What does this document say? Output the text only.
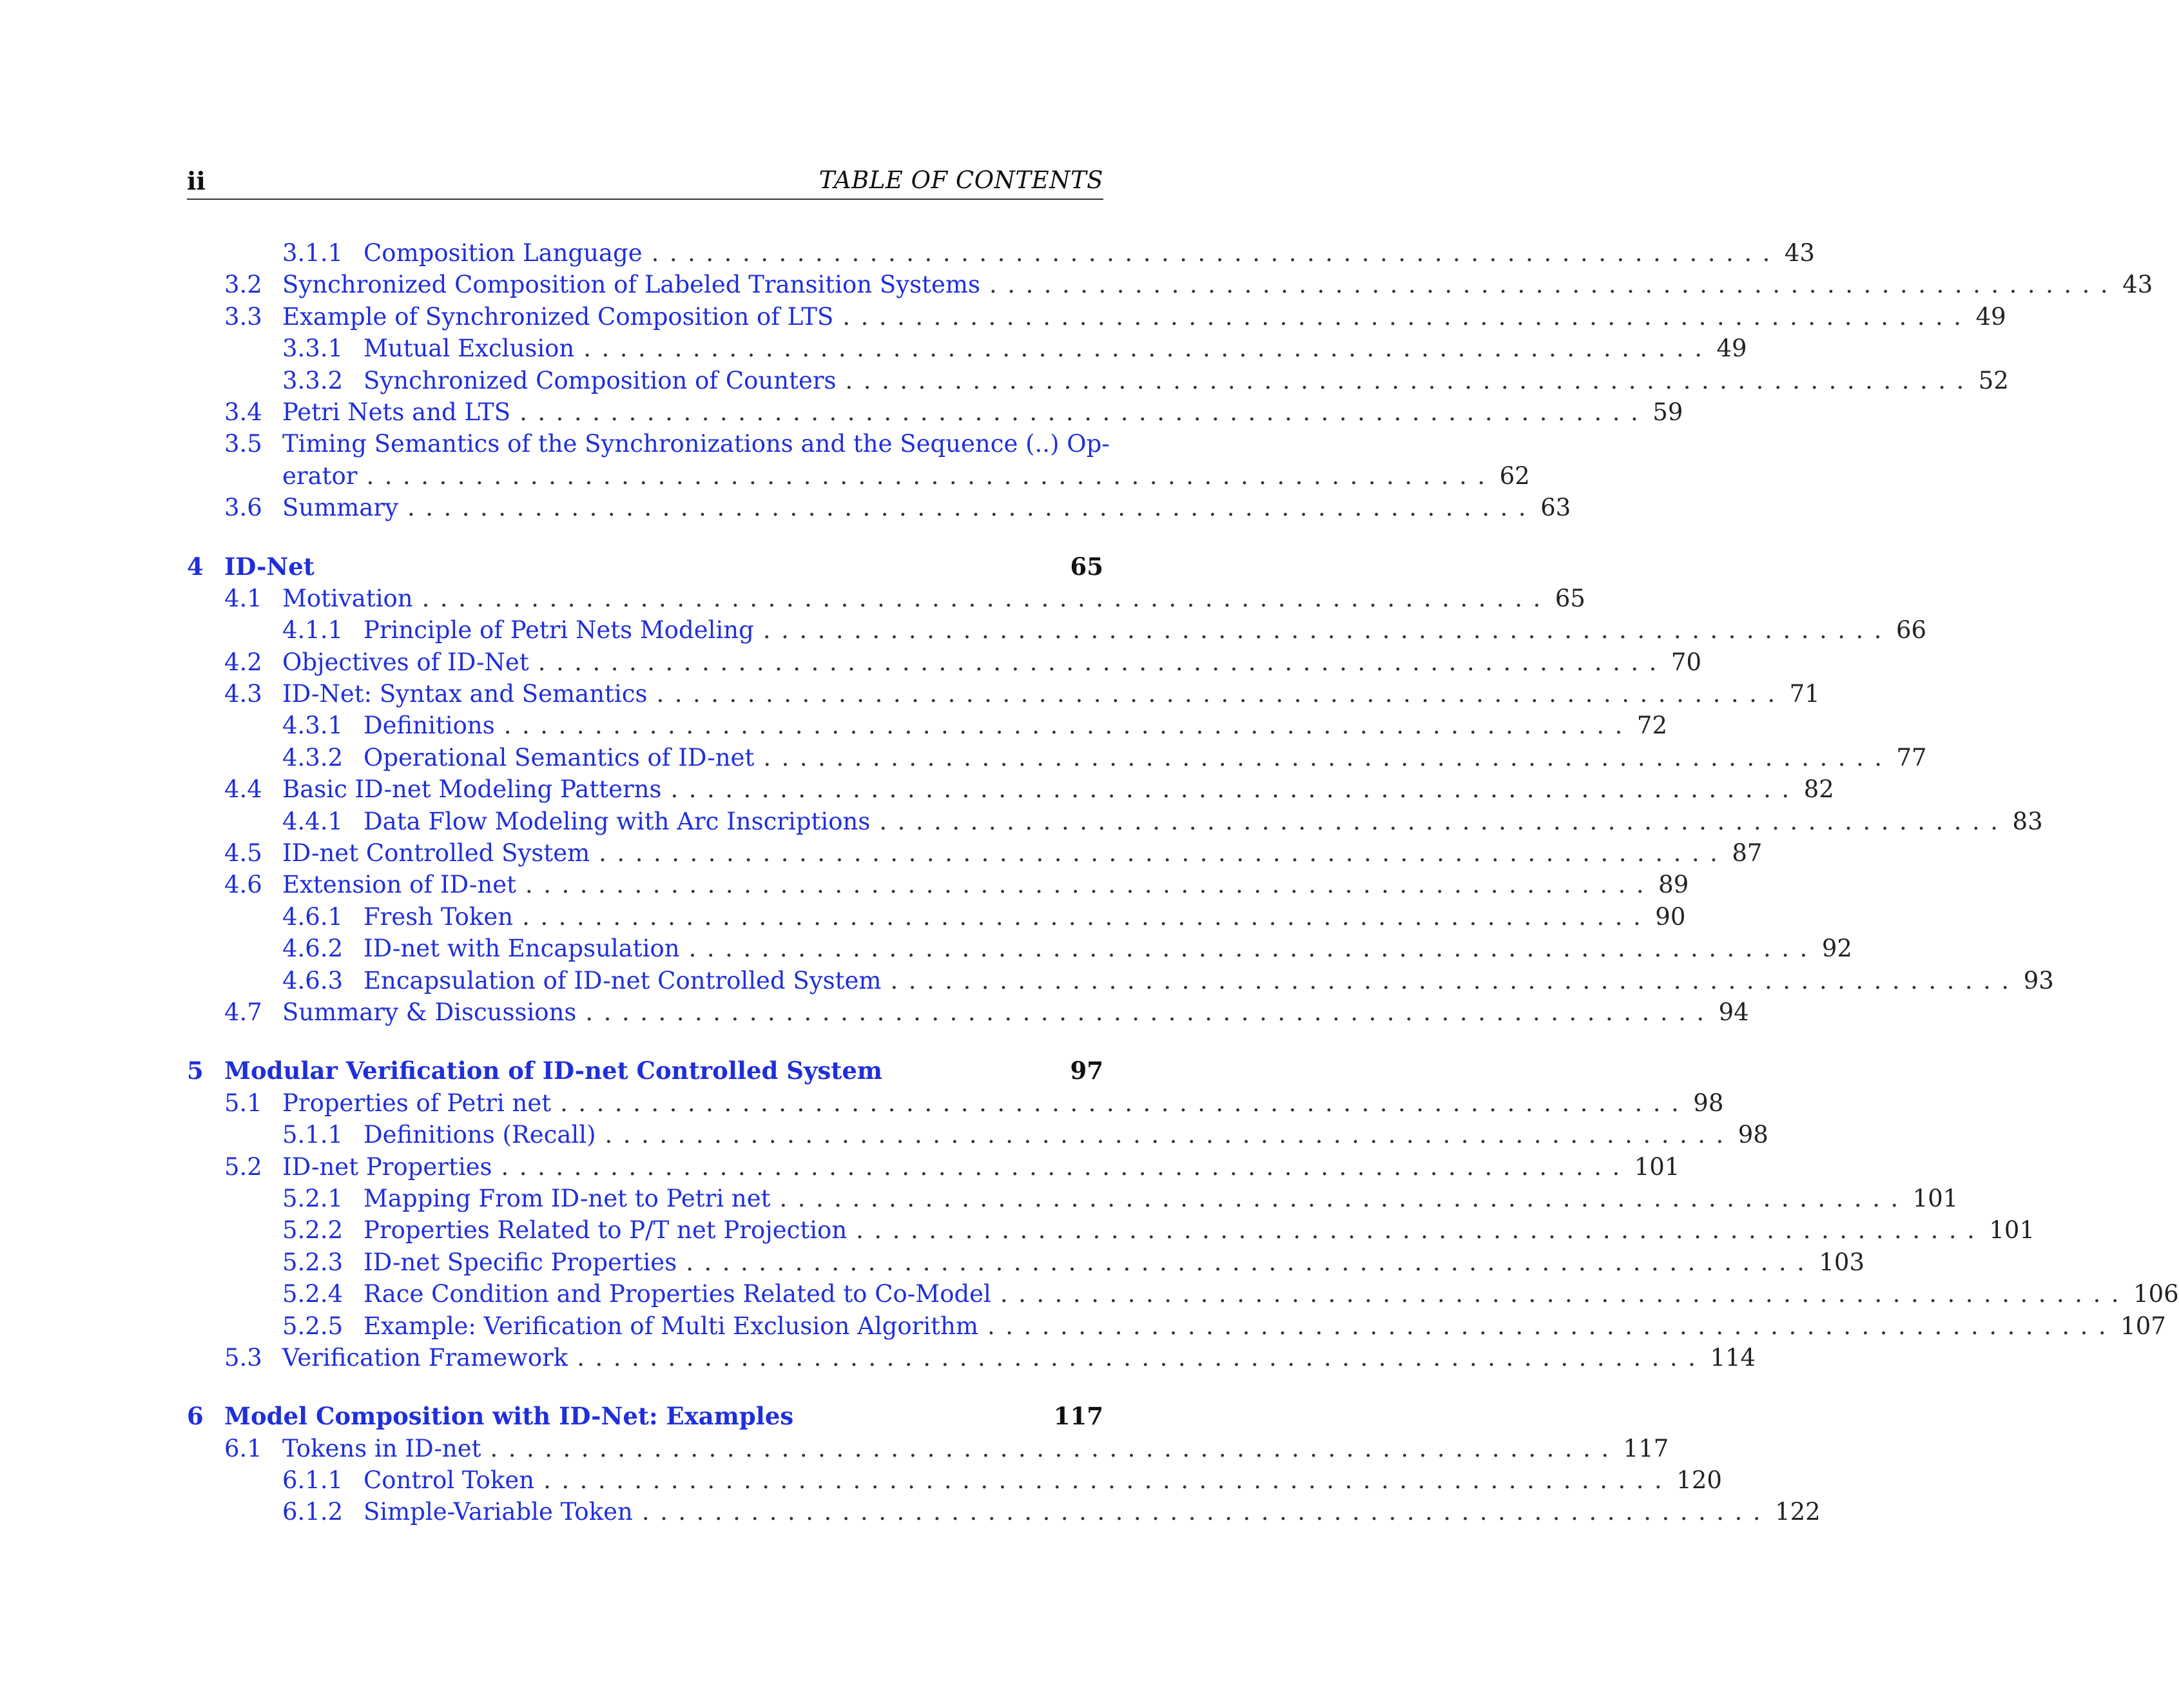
ii	TABLE OF CONTENTS
3.1.1 Composition Language .............................................................. 43
3.2 Synchronized Composition of Labeled Transition Systems .............................................................. 43
3.3 Example of Synchronized Composition of LTS .............................................................. 49
3.3.1 Mutual Exclusion .............................................................. 49
3.3.2 Synchronized Composition of Counters .............................................................. 52
3.4 Petri Nets and LTS .............................................................. 59
3.5 Timing Semantics of the Synchronizations and the Sequence (..) Op-
erator .............................................................. 62
3.6 Summary .............................................................. 63
4 ID-Net	65
4.1 Motivation .............................................................. 65
4.1.1 Principle of Petri Nets Modeling .............................................................. 66
4.2 Objectives of ID-Net .............................................................. 70
4.3 ID-Net: Syntax and Semantics .............................................................. 71
4.3.1 Definitions .............................................................. 72
4.3.2 Operational Semantics of ID-net .............................................................. 77
4.4 Basic ID-net Modeling Patterns .............................................................. 82
4.4.1 Data Flow Modeling with Arc Inscriptions .............................................................. 83
4.5 ID-net Controlled System .............................................................. 87
4.6 Extension of ID-net .............................................................. 89
4.6.1 Fresh Token .............................................................. 90
4.6.2 ID-net with Encapsulation .............................................................. 92
4.6.3 Encapsulation of ID-net Controlled System .............................................................. 93
4.7 Summary & Discussions .............................................................. 94
5 Modular Verification of ID-net Controlled System	97
5.1 Properties of Petri net .............................................................. 98
5.1.1 Definitions (Recall) .............................................................. 98
5.2 ID-net Properties .............................................................. 101
5.2.1 Mapping From ID-net to Petri net .............................................................. 101
5.2.2 Properties Related to P/T net Projection .............................................................. 101
5.2.3 ID-net Specific Properties .............................................................. 103
5.2.4 Race Condition and Properties Related to Co-Model .............................................................. 106
5.2.5 Example: Verification of Multi Exclusion Algorithm .............................................................. 107
5.3 Verification Framework .............................................................. 114
6 Model Composition with ID-Net: Examples	117
6.1 Tokens in ID-net .............................................................. 117
6.1.1 Control Token .............................................................. 120
6.1.2 Simple-Variable Token .............................................................. 122
